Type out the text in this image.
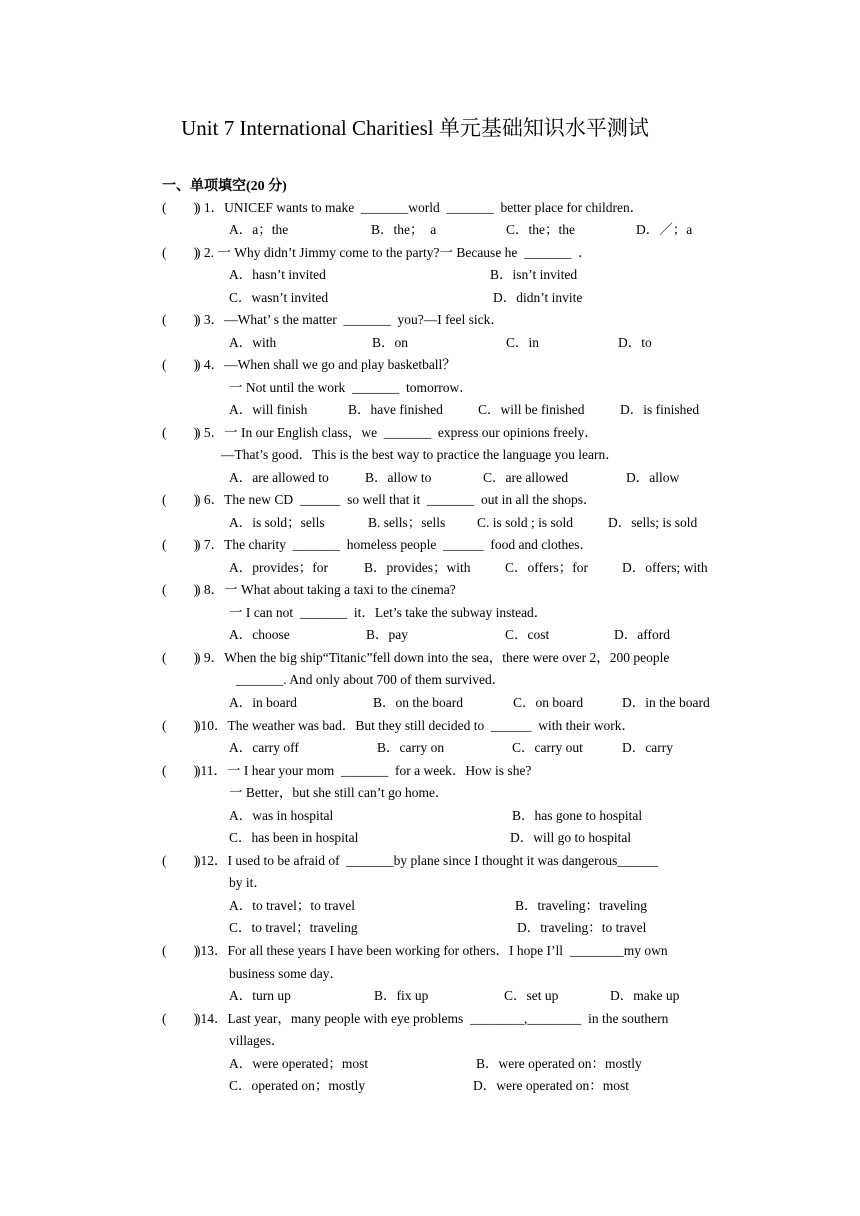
Unit 7 International Charitiesl 单元基础知识水平测试
一、单项填空(20 分)
(        )
) 1．UNICEF wants to make  _______world  _______  better place for children．
A．a；the	B．the；  a	C．the；the	D．／；a
(        )
) 2. 一 Why didn’t Jimmy come to the party?一 Because he  _______  ．
A．hasn’t invited	B．isn’t invited
C．wasn’t invited	D．didn’t invite
(        )
) 3．—What’ s the matter  _______  you?—I feel sick．
A．with	B．on	C．in	D．to
(        )
) 4．—When shall we go and play basketball？
一 Not until the work  _______  tomorrow．
A．will finish	B．have finished	C．will be finished	D．is finished
(        )
) 5．一 In our English class，we  _______  express our opinions freely．
—That’s good．This is the best way to practice the language you learn．
A．are allowed to	B．allow to	C．are allowed	D．allow
(        )
) 6．The new CD  ______  so well that it  _______  out in all the shops．
A．is sold；sells	B. sells；sells C. is sold ; is sold	D．sells; is sold
(        )
) 7．The charity  _______  homeless people  ______  food and clothes．
A．provides；for	B．provides；with	C．offers；for	D．offers; with
(        )
) 8．一 What about taking a taxi to the cinema?
一 I can not  _______  it．Let’s take the subway instead．
A．choose	B．pay	C．cost	D．afford
(        )
) 9．When the big ship“Titanic”fell down into the sea，there were over 2，200 people
_______. And only about 700 of them survived．
A．in board	B．on the board	C．on board	D．in the board
(        )
)10．The weather was bad．But they still decided to  ______  with their work．
A．carry off	B．carry on	C．carry out	D．carry
(        )
)11．一 I hear your mom  _______  for a week．How is she?
一 Better，but she still can’t go home．
A．was in hospital	B．has gone to hospital
C．has been in hospital	D．will go to hospital
(        )
)12．I used to be afraid of  _______by plane since I thought it was dangerous______
by it．
A．to travel；to travel	B．traveling：traveling
C．to travel；traveling	D．traveling：to travel
(        )
)13．For all these years I have been working for others．I hope I’ll  ________my own
business some day．
A．turn up	B．fix up	C．set up	D．make up
(        )
)14．Last year，many people with eye problems  ________,________  in the southern
villages．
A．were operated；most	B．were operated on：mostly
C．operated on；mostly	D．were operated on：most
